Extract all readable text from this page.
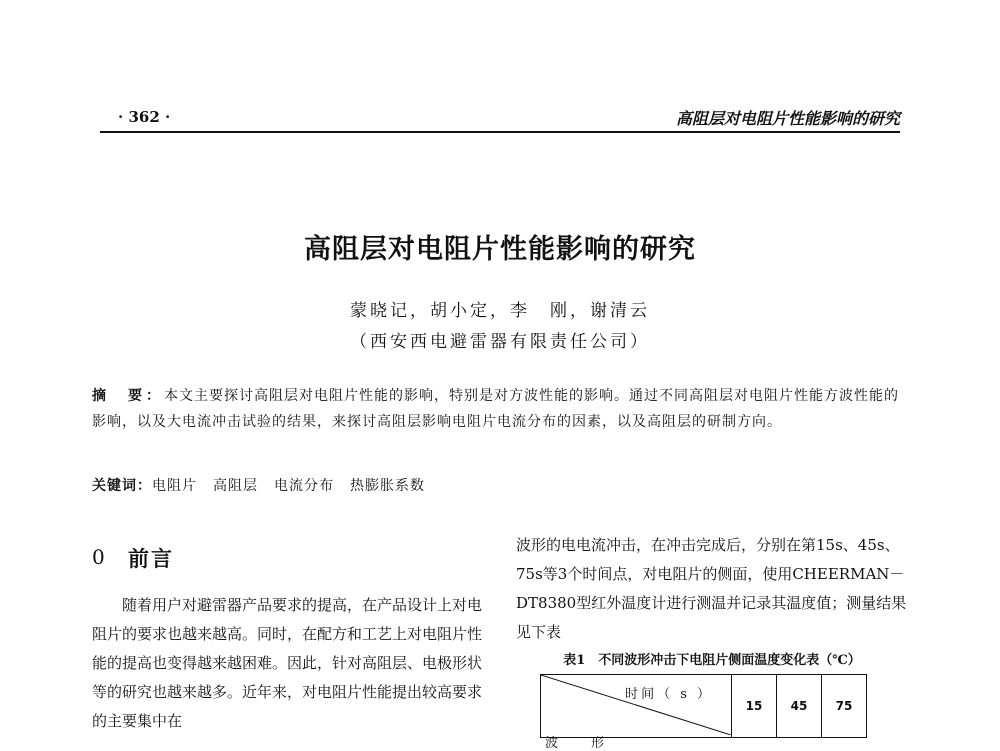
· 362 ·	高阻层对电阻片性能影响的研究
高阻层对电阻片性能影响的研究
蒙晓记，胡小定，李　刚，谢清云
（西安西电避雷器有限责任公司）
摘　要：本文主要探讨高阻层对电阻片性能的影响，特别是对方波性能的影响。通过不同高阻层对电阻片性能方波性能的影响，以及大电流冲击试验的结果，来探讨高阻层影响电阻片电流分布的因素，以及高阻层的研制方向。
关键词：电阻片 高阻层 电流分布 热膨胀系数
0 前言

随着用户对避雷器产品要求的提高，在产品设计上对电阻片的要求也越来越高。同时，在配方和工艺上对电阻片性能的提高也变得越来越困难。因此，针对高阻层、电极形状等的研究也越来越多。近年来，对电阻片性能提出较高要求的主要集中在

波形的电电流冲击，在冲击完成后，分别在第15s、45s、75s等3个时间点，对电阻片的侧面，使用CHEERMAN－DT8380型红外温度计进行测温并记录其温度值；测量结果见下表

表1　不同波形冲击下电阻片侧面温度变化表（℃）
时间（ s ）
波　形
	15	45	75
